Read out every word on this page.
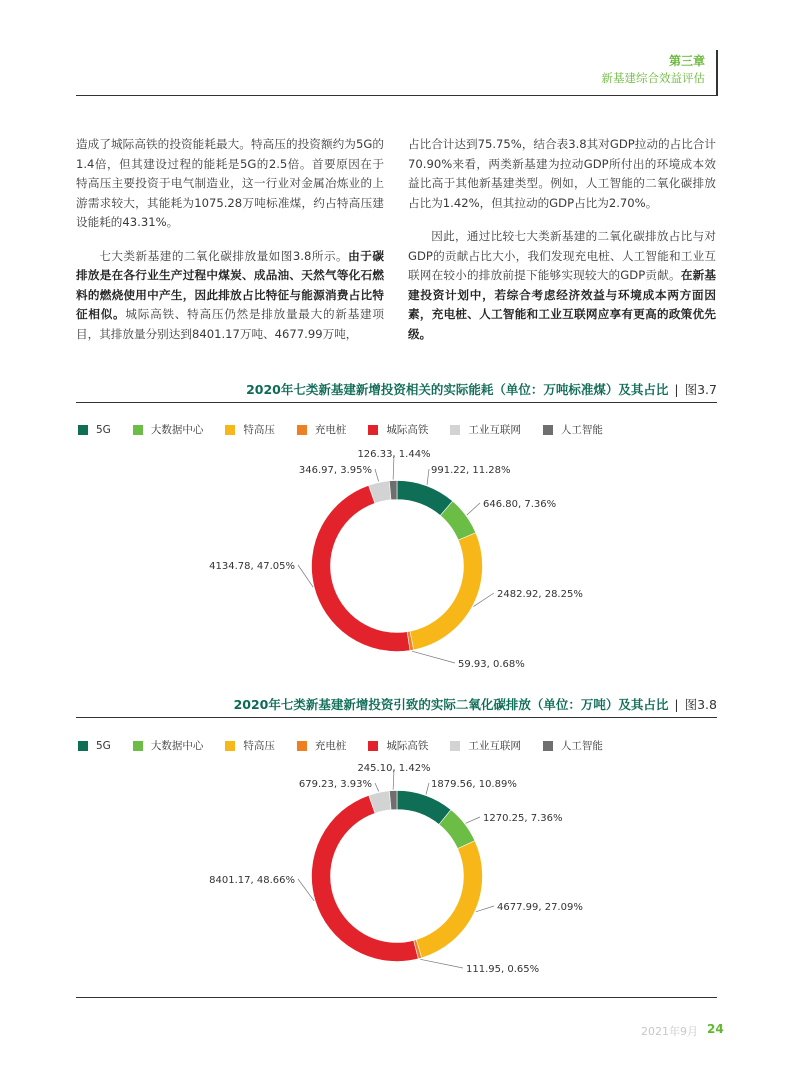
第三章
新基建综合效益评估

造成了城际高铁的投资能耗最大。特高压的投资额约为5G的1.4倍，但其建设过程的能耗是5G的2.5倍。首要原因在于特高压主要投资于电气制造业，这一行业对金属冶炼业的上游需求较大，其能耗为1075.28万吨标准煤，约占特高压建设能耗的43.31%。

七大类新基建的二氧化碳排放量如图3.8所示。由于碳排放是在各行业生产过程中煤炭、成品油、天然气等化石燃料的燃烧使用中产生，因此排放占比特征与能源消费占比特征相似。城际高铁、特高压仍然是排放量最大的新基建项目，其排放量分别达到8401.17万吨、4677.99万吨，

占比合计达到75.75%，结合表3.8其对GDP拉动的占比合计70.90%来看，两类新基建为拉动GDP所付出的环境成本效益比高于其他新基建类型。例如，人工智能的二氧化碳排放占比为1.42%，但其拉动的GDP占比为2.70%。

因此，通过比较七大类新基建的二氧化碳排放占比与对GDP的贡献占比大小，我们发现充电桩、人工智能和工业互联网在较小的排放前提下能够实现较大的GDP贡献。在新基建投资计划中，若综合考虑经济效益与环境成本两方面因素，充电桩、人工智能和工业互联网应享有更高的政策优先级。

2020年七类新基建新增投资相关的实际能耗（单位：万吨标准煤）及其占比 | 图3.7
5G	大数据中心	特高压	充电桩	城际高铁	工业互联网	人工智能
991.22, 11.28%
646.80, 7.36%
2482.92, 28.25%
59.93, 0.68%
4134.78, 47.05%
346.97, 3.95%
126.33, 1.44%
2020年七类新基建新增投资引致的实际二氧化碳排放（单位：万吨）及其占比 | 图3.8
5G	大数据中心	特高压	充电桩	城际高铁	工业互联网	人工智能
1879.56, 10.89%
1270.25, 7.36%
4677.99, 27.09%
111.95, 0.65%
8401.17, 48.66%
679.23, 3.93%
245.10, 1.42%
2021年9月 24
